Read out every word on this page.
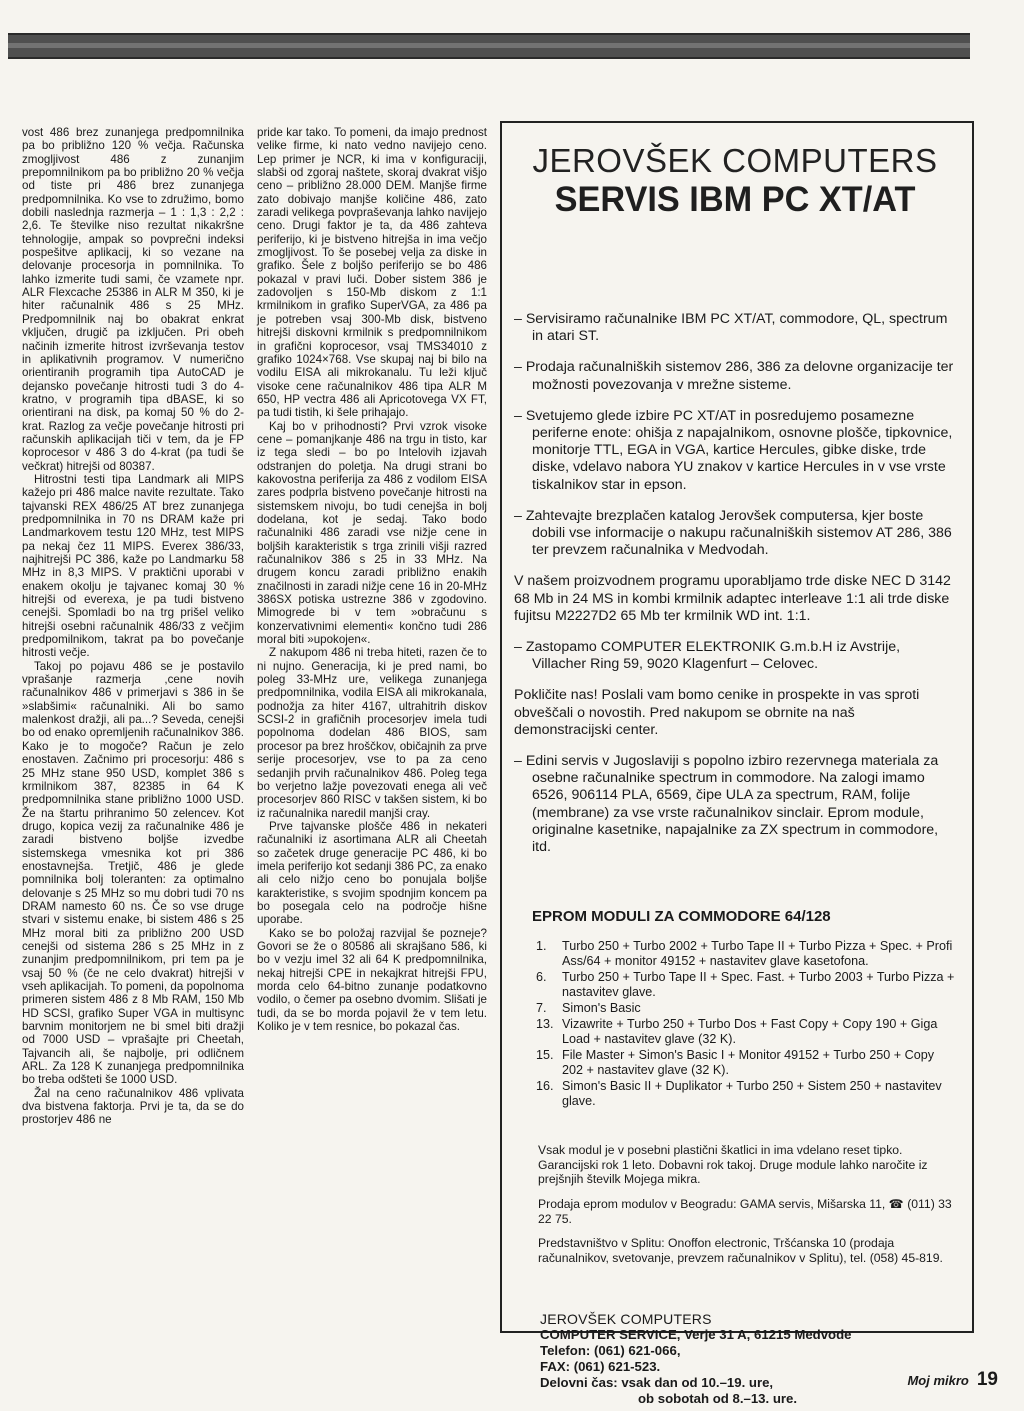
vost 486 brez zunanjega predpomnilnika pa bo približno 120 % večja. Računska zmogljivost 486 z zunanjim prepomnilnikom pa bo približno 20 % večja od tiste pri 486 brez zunanjega predpomnilnika. Ko vse to združimo, bomo dobili naslednja razmerja – 1 : 1,3 : 2,2 : 2,6. Te številke niso rezultat nikakršne tehnologije, ampak so povprečni indeksi pospešitve aplikacij, ki so vezane na delovanje procesorja in pomnilnika. To lahko izmerite tudi sami, če vzamete npr. ALR Flexcache 25386 in ALR M 350, ki je hiter računalnik 486 s 25 MHz. Predpomnilnik naj bo obakrat enkrat vključen, drugič pa izključen. Pri obeh načinih izmerite hitrost izvrševanja testov in aplikativnih programov. V numerično orientiranih programih tipa AutoCAD je dejansko povečanje hitrosti tudi 3 do 4-kratno, v programih tipa dBASE, ki so orientirani na disk, pa komaj 50 % do 2- krat. Razlog za večje povečanje hitrosti pri računskih aplikacijah tiči v tem, da je FP koprocesor v 486 3 do 4-krat (pa tudi še večkrat) hitrejši od 80387.

Hitrostni testi tipa Landmark ali MIPS kažejo pri 486 malce navite rezultate. Tako tajvanski REX 486/25 AT brez zunanjega predpomnilnika in 70 ns DRAM kaže pri Landmarkovem testu 120 MHz, test MIPS pa nekaj čez 11 MIPS. Everex 386/33, najhitrejši PC 386, kaže po Landmarku 58 MHz in 8,3 MIPS. V praktični uporabi v enakem okolju je tajvanec komaj 30 % hitrejši od everexa, je pa tudi bistveno cenejši. Spomladi bo na trg prišel veliko hitrejši osebni računalnik 486/33 z večjim predpomilnikom, takrat pa bo povečanje hitrosti večje.

Takoj po pojavu 486 se je postavilo vprašanje razmerja ,cene novih računalnikov 486 v primerjavi s 386 in še »slabšimi« računalniki. Ali bo samo malenkost dražji, ali pa...? Seveda, cenejši bo od enako opremljenih računalnikov 386. Kako je to mogoče? Račun je zelo enostaven. Začnimo pri procesorju: 486 s 25 MHz stane 950 USD, komplet 386 s krmilnikom 387, 82385 in 64 K predpomnilnika stane približno 1000 USD. Že na štartu prihranimo 50 zelencev. Kot drugo, kopica vezij za računalnike 486 je zaradi bistveno boljše izvedbe sistemskega vmesnika kot pri 386 enostavnejša. Tretjič, 486 je glede pomnilnika bolj toleranten: za optimalno delovanje s 25 MHz so mu dobri tudi 70 ns DRAM namesto 60 ns. Če so vse druge stvari v sistemu enake, bi sistem 486 s 25 MHz moral biti za približno 200 USD cenejši od sistema 286 s 25 MHz in z zunanjim predpomnilnikom, pri tem pa je vsaj 50 % (če ne celo dvakrat) hitrejši v vseh aplikacijah. To pomeni, da popolnoma primeren sistem 486 z 8 Mb RAM, 150 Mb HD SCSI, grafiko Super VGA in multisync barvnim monitorjem ne bi smel biti dražji od 7000 USD – vprašajte pri Cheetah, Tajvancih ali, še najbolje, pri odličnem ARL. Za 128 K zunanjega predpomnilnika bo treba odšteti še 1000 USD.

Žal na ceno računalnikov 486 vplivata dva bistvena faktorja. Prvi je ta, da se do prostorjev 486 ne

pride kar tako. To pomeni, da imajo prednost velike firme, ki nato vedno navijejo ceno. Lep primer je NCR, ki ima v konfiguraciji, slabši od zgoraj naštete, skoraj dvakrat višjo ceno – približno 28.000 DEM. Manjše firme zato dobivajo manjše količine 486, zato zaradi velikega povpraševanja lahko navijejo ceno. Drugi faktor je ta, da 486 zahteva periferijo, ki je bistveno hitrejša in ima večjo zmogljivost. To še posebej velja za diske in grafiko. Šele z boljšo periferijo se bo 486 pokazal v pravi luči. Dober sistem 386 je zadovoljen s 150-Mb diskom z 1:1 krmilnikom in grafiko SuperVGA, za 486 pa je potreben vsaj 300-Mb disk, bistveno hitrejši diskovni krmilnik s predpomnilnikom in grafični koprocesor, vsaj TMS34010 z grafiko 1024×768. Vse skupaj naj bi bilo na vodilu EISA ali mikrokanalu. Tu leži ključ visoke cene računalnikov 486 tipa ALR M 650, HP vectra 486 ali Apricotovega VX FT, pa tudi tistih, ki šele prihajajo.

Kaj bo v prihodnosti? Prvi vzrok visoke cene – pomanjkanje 486 na trgu in tisto, kar iz tega sledi – bo po Intelovih izjavah odstranjen do poletja. Na drugi strani bo kakovostna periferija za 486 z vodilom EISA zares podprla bistveno povečanje hitrosti na sistemskem nivoju, bo tudi cenejša in bolj dodelana, kot je sedaj. Tako bodo računalniki 486 zaradi vse nižje cene in boljših karakteristik s trga zrinili višji razred računalnikov 386 s 25 in 33 MHz. Na drugem koncu zaradi približno enakih značilnosti in zaradi nižje cene 16 in 20-MHz 386SX potiska ustrezne 386 v zgodovino. Mimogrede bi v tem »obračunu s konzervativnimi elementi« končno tudi 286 moral biti »upokojen«.

Z nakupom 486 ni treba hiteti, razen če to ni nujno. Generacija, ki je pred nami, bo poleg 33-MHz ure, velikega zunanjega predpomnilnika, vodila EISA ali mikrokanala, podnožja za hiter 4167, ultrahitrih diskov SCSI-2 in grafičnih procesorjev imela tudi popolnoma dodelan 486 BIOS, sam procesor pa brez hroščkov, običajnih za prve serije procesorjev, vse to pa za ceno sedanjih prvih računalnikov 486. Poleg tega bo verjetno lažje povezovati enega ali več procesorjev 860 RISC v takšen sistem, ki bo iz računalnika naredil manjši cray.

Prve tajvanske plošče 486 in nekateri računalniki iz asortimana ALR ali Cheetah so začetek druge generacije PC 486, ki bo imela periferijo kot sedanji 386 PC, za enako ali celo nižjo ceno bo ponujala boljše karakteristike, s svojim spodnjim koncem pa bo posegala celo na področje hišne uporabe.

Kako se bo položaj razvijal še pozneje? Govori se že o 80586 ali skrajšano 586, ki bo v vezju imel 32 ali 64 K predpomnilnika, nekaj hitrejši CPE in nekajkrat hitrejši FPU, morda celo 64-bitno zunanje podatkovno vodilo, o čemer pa osebno dvomim. Slišati je tudi, da se bo morda pojavil že v tem letu. Koliko je v tem resnice, bo pokazal čas.

JEROVŠEK COMPUTERS
SERVIS IBM PC XT/AT

– Servisiramo računalnike IBM PC XT/AT, commodore, QL, spectrum in atari ST.

– Prodaja računalniških sistemov 286, 386 za delovne organizacije ter možnosti povezovanja v mrežne sisteme.

– Svetujemo glede izbire PC XT/AT in posredujemo posamezne periferne enote: ohišja z napajalnikom, osnovne plošče, tipkovnice, monitorje TTL, EGA in VGA, kartice Hercules, gibke diske, trde diske, vdelavo nabora YU znakov v kartice Hercules in v vse vrste tiskalnikov star in epson.

– Zahtevajte brezplačen katalog Jerovšek computersa, kjer boste dobili vse informacije o nakupu računalniških sistemov AT 286, 386 ter prevzem računalnika v Medvodah.

V našem proizvodnem programu uporabljamo trde diske NEC D 3142 68 Mb in 24 MS in kombi krmilnik adaptec interleave 1:1 ali trde diske fujitsu M2227D2 65 Mb ter krmilnik WD int. 1:1.

– Zastopamo COMPUTER ELEKTRONIK G.m.b.H iz Avstrije, Villacher Ring 59, 9020 Klagenfurt – Celovec.

Pokličite nas! Poslali vam bomo cenike in prospekte in vas sproti obveščali o novostih. Pred nakupom se obrnite na naš demonstracijski center.

– Edini servis v Jugoslaviji s popolno izbiro rezervnega materiala za osebne računalnike spectrum in commodore. Na zalogi imamo 6526, 906114 PLA, 6569, čipe ULA za spectrum, RAM, folije (membrane) za vse vrste računalnikov sinclair. Eprom module, originalne kasetnike, napajalnike za ZX spectrum in commodore, itd.

EPROM MODULI ZA COMMODORE 64/128
1.	Turbo 250 + Turbo 2002 + Turbo Tape II + Turbo Pizza + Spec. + Profi Ass/64 + monitor 49152 + nastavitev glave kasetofona.
6.	Turbo 250 + Turbo Tape II + Spec. Fast. + Turbo 2003 + Turbo Pizza + nastavitev glave.
7.	Simon's Basic
13. Vizawrite + Turbo 250 + Turbo Dos + Fast Copy + Copy 190 + Giga Load + nastavitev glave (32 K).
15. File Master + Simon's Basic I + Monitor 49152 + Turbo 250 + Copy 202 + nastavitev glave (32 K).
16. Simon's Basic II + Duplikator + Turbo 250 + Sistem 250 + nastavitev glave.

Vsak modul je v posebni plastični škatlici in ima vdelano reset tipko. Garancijski rok 1 leto. Dobavni rok takoj. Druge module lahko naročite iz prejšnjih številk Mojega mikra.

Prodaja eprom modulov v Beogradu: GAMA servis, Mišarska 11, ☎ (011) 33 22 75.

Predstavništvo v Splitu: Onoffon electronic, Tršćanska 10 (prodaja računalnikov, svetovanje, prevzem računalnikov v Splitu), tel. (058) 45-819.

JEROVŠEK COMPUTERS
COMPUTER SERVICE, Verje 31 A, 61215 Medvode
Telefon: (061) 621-066,
FAX: (061) 621-523.
Delovni čas: vsak dan od 10.–19. ure,
ob sobotah od 8.–13. ure.
Moj mikro 19
